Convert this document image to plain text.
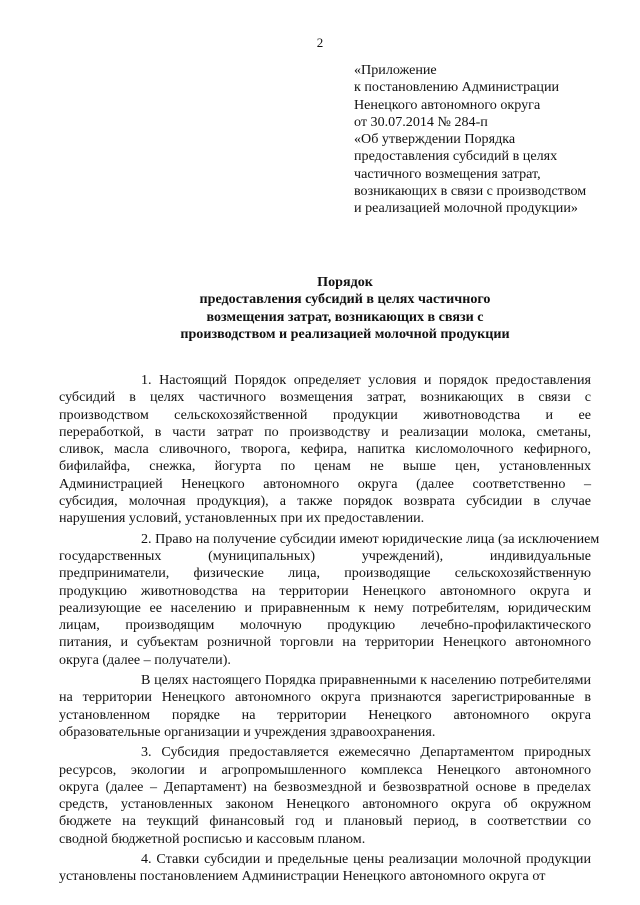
2
«Приложение
к постановлению Администрации
Ненецкого автономного округа
от 30.07.2014 № 284-п
«Об утверждении Порядка
предоставления субсидий в целях
частичного возмещения затрат,
возникающих в связи с производством
и реализацией молочной продукции»
Порядок
предоставления субсидий в целях частичного
возмещения затрат, возникающих в связи с
производством и реализацией молочной продукции
1. Настоящий Порядок определяет условия и порядок предоставления
субсидий в целях частичного возмещения затрат, возникающих в связи с
производством сельскохозяйственной продукции животноводства и ее
переработкой, в части затрат по производству и реализации молока, сметаны,
сливок, масла сливочного, творога, кефира, напитка кисломолочного кефирного,
бифилайфа, снежка, йогурта по ценам не выше цен, установленных
Администрацией Ненецкого автономного округа (далее соответственно –
субсидия, молочная продукция), а также порядок возврата субсидии в случае
нарушения условий, установленных при их предоставлении.
2. Право на получение субсидии имеют юридические лица (за исключением
государственных (муниципальных) учреждений), индивидуальные
предприниматели, физические лица, производящие сельскохозяйственную
продукцию животноводства на территории Ненецкого автономного округа и
реализующие ее населению и приравненным к нему потребителям, юридическим
лицам, производящим молочную продукцию лечебно-профилактического
питания, и субъектам розничной торговли на территории Ненецкого автономного
округа (далее – получатели).
В целях настоящего Порядка приравненными к населению потребителями
на территории Ненецкого автономного округа признаются зарегистрированные в
установленном порядке на территории Ненецкого автономного округа
образовательные организации и учреждения здравоохранения.
3. Субсидия предоставляется ежемесячно Департаментом природных
ресурсов, экологии и агропромышленного комплекса Ненецкого автономного
округа (далее – Департамент) на безвозмездной и безвозвратной основе в пределах
средств, установленных законом Ненецкого автономного округа об окружном
бюджете на теукщий финансовый год и плановый период, в соответствии со
сводной бюджетной росписью и кассовым планом.
4. Ставки субсидии и предельные цены реализации молочной продукции
установлены постановлением Администрации Ненецкого автономного округа от
